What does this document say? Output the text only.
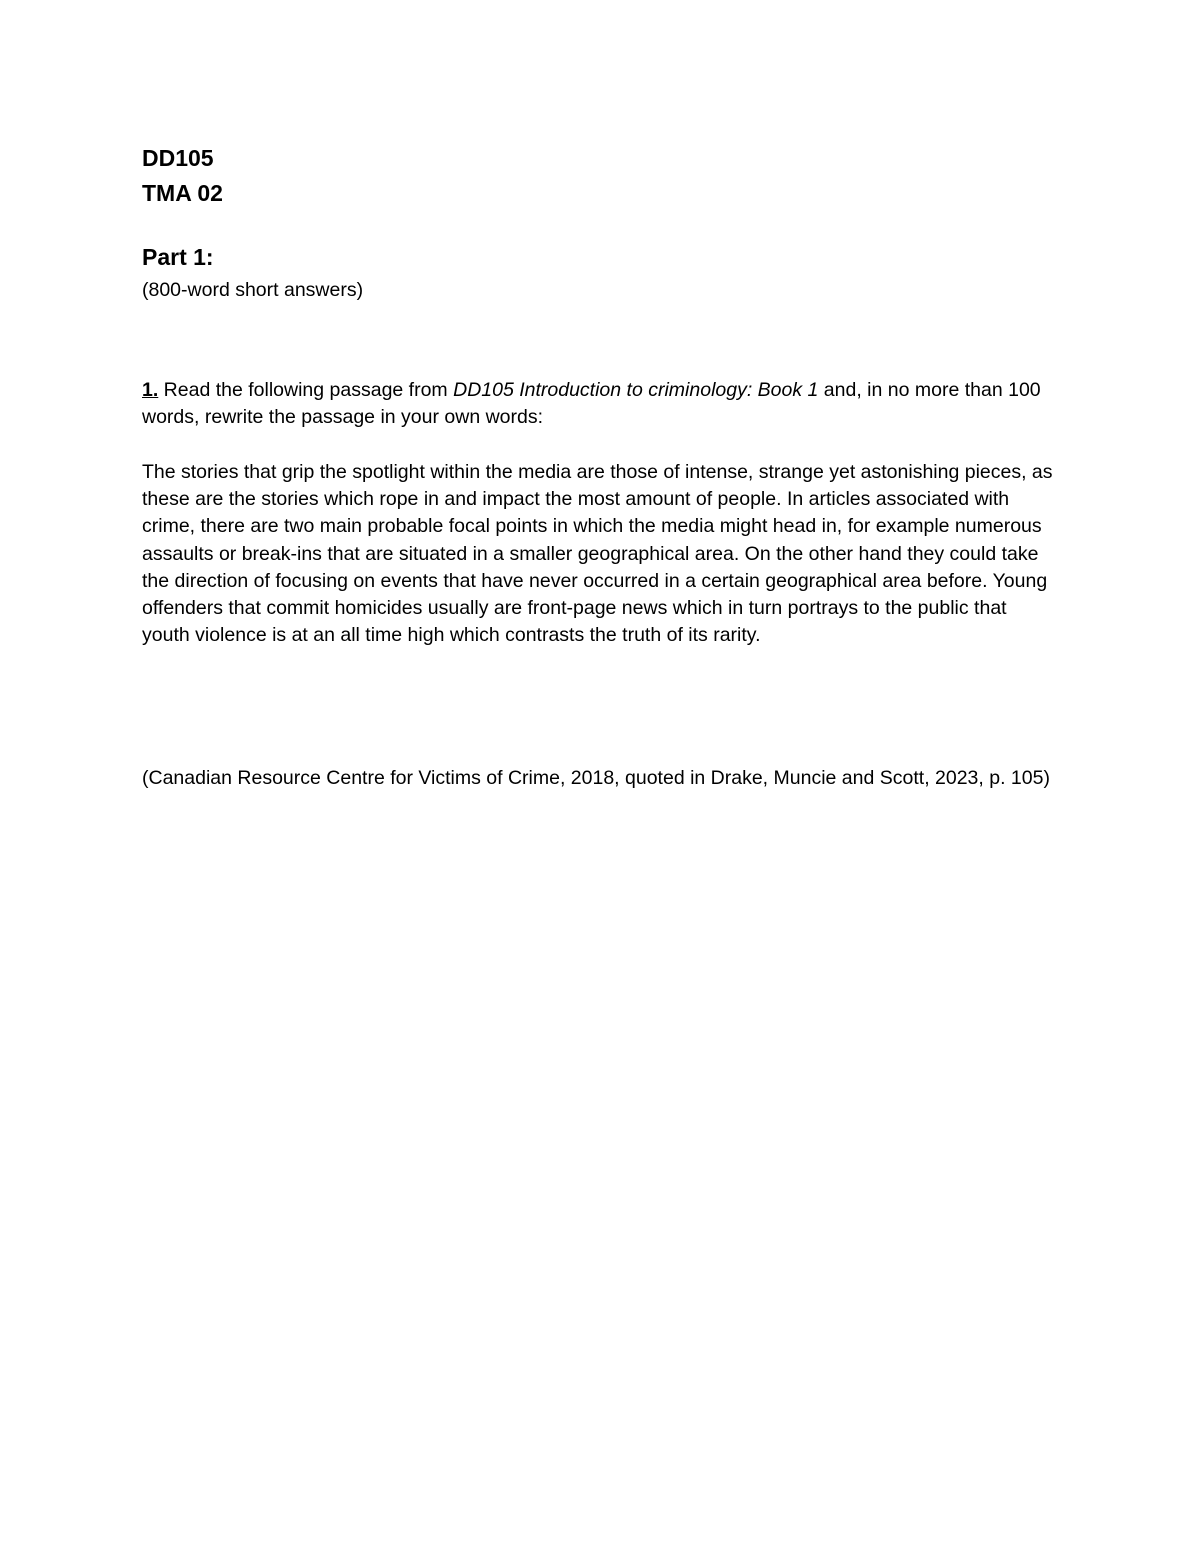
DD105
TMA 02
Part 1:
(800-word short answers)
1. Read the following passage from DD105 Introduction to criminology: Book 1 and, in no more than 100 words, rewrite the passage in your own words:
The stories that grip the spotlight within the media are those of intense, strange yet astonishing pieces, as these are the stories which rope in and impact the most amount of people. In articles associated with crime, there are two main probable focal points in which the media might head in, for example numerous assaults or break-ins that are situated in a smaller geographical area. On the other hand they could take the direction of focusing on events that have never occurred in a certain geographical area before. Young offenders that commit homicides usually are front-page news which in turn portrays to the public that youth violence is at an all time high which contrasts the truth of its rarity.
(Canadian Resource Centre for Victims of Crime, 2018, quoted in Drake, Muncie and Scott, 2023, p. 105)
